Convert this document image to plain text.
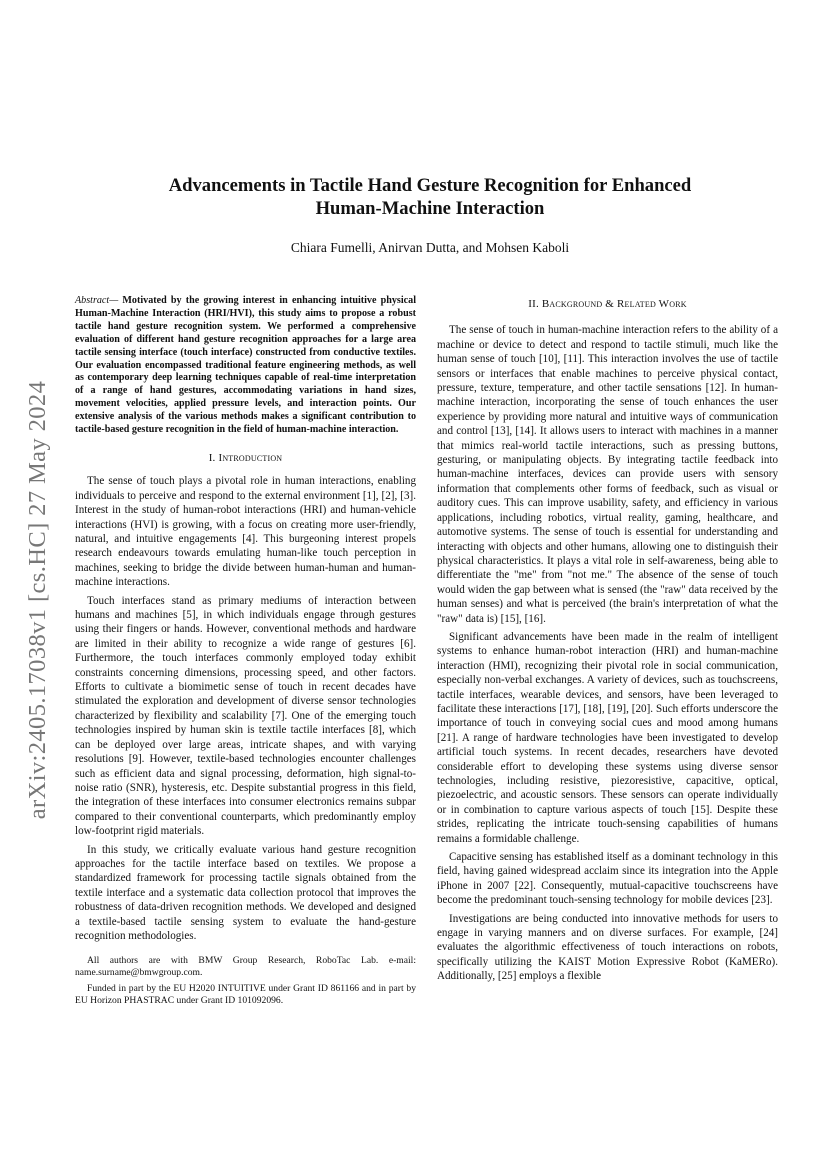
arXiv:2405.17038v1 [cs.HC] 27 May 2024
Advancements in Tactile Hand Gesture Recognition for Enhanced
Human-Machine Interaction
Chiara Fumelli, Anirvan Dutta, and Mohsen Kaboli

Abstract— Motivated by the growing interest in enhancing intuitive physical Human-Machine Interaction (HRI/HVI), this study aims to propose a robust tactile hand gesture recognition system. We performed a comprehensive evaluation of different hand gesture recognition approaches for a large area tactile sensing interface (touch interface) constructed from conductive textiles. Our evaluation encompassed traditional feature engineering methods, as well as contemporary deep learning techniques capable of real-time interpretation of a range of hand gestures, accommodating variations in hand sizes, movement velocities, applied pressure levels, and interaction points. Our extensive analysis of the various methods makes a significant contribution to tactile-based gesture recognition in the field of human-machine interaction.

I. Introduction

The sense of touch plays a pivotal role in human interactions, enabling individuals to perceive and respond to the external environment [1], [2], [3]. Interest in the study of human-robot interactions (HRI) and human-vehicle interactions (HVI) is growing, with a focus on creating more user-friendly, natural, and intuitive engagements [4]. This burgeoning interest propels research endeavours towards emulating human-like touch perception in machines, seeking to bridge the divide between human-human and human-machine interactions.

Touch interfaces stand as primary mediums of interaction between humans and machines [5], in which individuals engage through gestures using their fingers or hands. However, conventional methods and hardware are limited in their ability to recognize a wide range of gestures [6]. Furthermore, the touch interfaces commonly employed today exhibit constraints concerning dimensions, processing speed, and other factors. Efforts to cultivate a biomimetic sense of touch in recent decades have stimulated the exploration and development of diverse sensor technologies characterized by flexibility and scalability [7]. One of the emerging touch technologies inspired by human skin is textile tactile interfaces [8], which can be deployed over large areas, intricate shapes, and with varying resolutions [9]. However, textile-based technologies encounter challenges such as efficient data and signal processing, deformation, high signal-to-noise ratio (SNR), hysteresis, etc. Despite substantial progress in this field, the integration of these interfaces into consumer electronics remains subpar compared to their conventional counterparts, which predominantly employ low-footprint rigid materials.

In this study, we critically evaluate various hand gesture recognition approaches for the tactile interface based on textiles. We propose a standardized framework for processing tactile signals obtained from the textile interface and a systematic data collection protocol that improves the robustness of data-driven recognition methods. We developed and designed a textile-based tactile sensing system to evaluate the hand-gesture recognition methodologies.

All authors are with BMW Group Research, RoboTac Lab. e-mail: name.surname@bmwgroup.com.

Funded in part by the EU H2020 INTUITIVE under Grant ID 861166 and in part by EU Horizon PHASTRAC under Grant ID 101092096.

II. Background & Related Work

The sense of touch in human-machine interaction refers to the ability of a machine or device to detect and respond to tactile stimuli, much like the human sense of touch [10], [11]. This interaction involves the use of tactile sensors or interfaces that enable machines to perceive physical contact, pressure, texture, temperature, and other tactile sensations [12]. In human-machine interaction, incorporating the sense of touch enhances the user experience by providing more natural and intuitive ways of communication and control [13], [14]. It allows users to interact with machines in a manner that mimics real-world tactile interactions, such as pressing buttons, gesturing, or manipulating objects. By integrating tactile feedback into human-machine interfaces, devices can provide users with sensory information that complements other forms of feedback, such as visual or auditory cues. This can improve usability, safety, and efficiency in various applications, including robotics, virtual reality, gaming, healthcare, and automotive systems. The sense of touch is essential for understanding and interacting with objects and other humans, allowing one to distinguish their physical characteristics. It plays a vital role in self-awareness, being able to differentiate the "me" from "not me." The absence of the sense of touch would widen the gap between what is sensed (the "raw" data received by the human senses) and what is perceived (the brain's interpretation of what the "raw" data is) [15], [16].

Significant advancements have been made in the realm of intelligent systems to enhance human-robot interaction (HRI) and human-machine interaction (HMI), recognizing their pivotal role in social communication, especially non-verbal exchanges. A variety of devices, such as touchscreens, tactile interfaces, wearable devices, and sensors, have been leveraged to facilitate these interactions [17], [18], [19], [20]. Such efforts underscore the importance of touch in conveying social cues and mood among humans [21]. A range of hardware technologies have been investigated to develop artificial touch systems. In recent decades, researchers have devoted considerable effort to developing these systems using diverse sensor technologies, including resistive, piezoresistive, capacitive, optical, piezoelectric, and acoustic sensors. These sensors can operate individually or in combination to capture various aspects of touch [15]. Despite these strides, replicating the intricate touch-sensing capabilities of humans remains a formidable challenge.

Capacitive sensing has established itself as a dominant technology in this field, having gained widespread acclaim since its integration into the Apple iPhone in 2007 [22]. Consequently, mutual-capacitive touchscreens have become the predominant touch-sensing technology for mobile devices [23].

Investigations are being conducted into innovative methods for users to engage in varying manners and on diverse surfaces. For example, [24] evaluates the algorithmic effectiveness of touch interactions on robots, specifically utilizing the KAIST Motion Expressive Robot (KaMERo). Additionally, [25] employs a flexible
